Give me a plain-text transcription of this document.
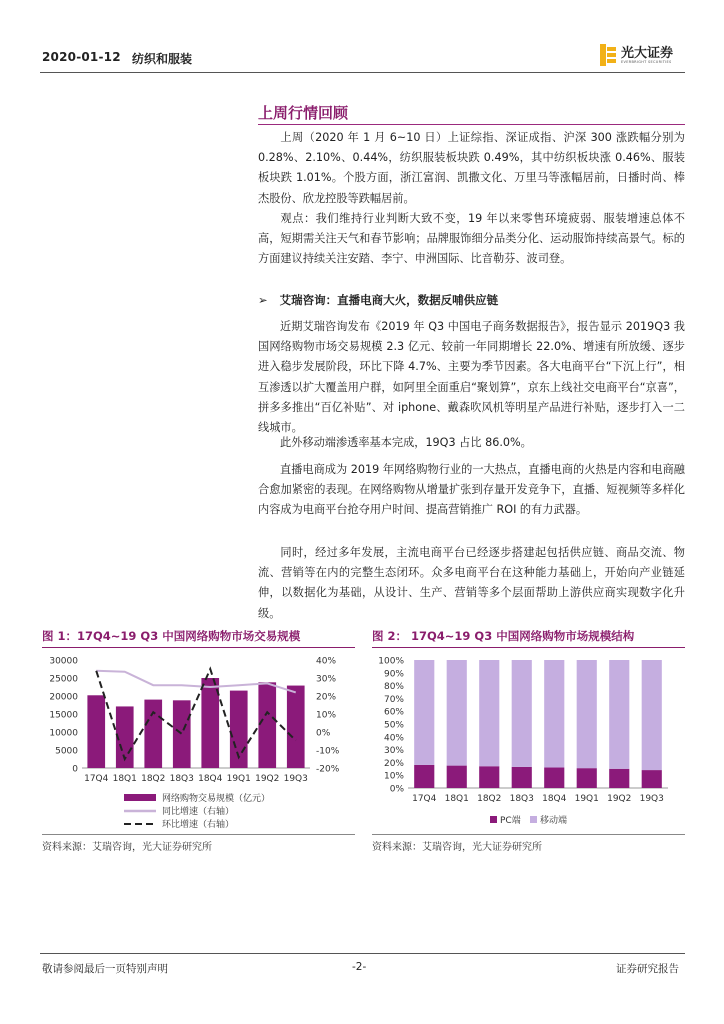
2020-01-12 纺织和服装	光大证券
EVERBRIGHT SECURITIES
上周行情回顾
上周（2020 年 1 月 6~10 日）上证综指、深证成指、沪深 300 涨跌幅分别为 0.28%、2.10%、0.44%，纺织服装板块跌 0.49%，其中纺织板块涨 0.46%、服装板块跌 1.01%。个股方面，浙江富润、凯撒文化、万里马等涨幅居前，日播时尚、棒杰股份、欣龙控股等跌幅居前。
观点：我们维持行业判断大致不变，19 年以来零售环境疲弱、服装增速总体不高，短期需关注天气和春节影响；品牌服饰细分品类分化、运动服饰持续高景气。标的方面建议持续关注安踏、李宁、申洲国际、比音勒芬、波司登。
➢ 艾瑞咨询：直播电商大火，数据反哺供应链
近期艾瑞咨询发布《2019 年 Q3 中国电子商务数据报告》，报告显示 2019Q3 我国网络购物市场交易规模 2.3 亿元、较前一年同期增长 22.0%、增速有所放缓、逐步进入稳步发展阶段，环比下降 4.7%、主要为季节因素。各大电商平台“下沉上行”，相互渗透以扩大覆盖用户群，如阿里全面重启“聚划算”，京东上线社交电商平台“京喜”，拼多多推出“百亿补贴”、对 iphone、戴森吹风机等明星产品进行补贴，逐步打入一二线城市。
此外移动端渗透率基本完成，19Q3 占比 86.0%。
直播电商成为 2019 年网络购物行业的一大热点，直播电商的火热是内容和电商融合愈加紧密的表现。在网络购物从增量扩张到存量开发竞争下，直播、短视频等多样化内容成为电商平台抢夺用户时间、提高营销推广 ROI 的有力武器。
同时，经过多年发展，主流电商平台已经逐步搭建起包括供应链、商品交流、物流、营销等在内的完整生态闭环。众多电商平台在这种能力基础上，开始向产业链延伸，以数据化为基础，从设计、生产、营销等多个层面帮助上游供应商实现数字化升级。
图 1：17Q4~19 Q3 中国网络购物市场交易规模
30000
25000
20000
15000
10000
5000
0
40%
30%
20%
10%
0%
-10%
-20%
17Q4 18Q1 18Q2 18Q3 18Q4 19Q1 19Q2 19Q3
网络购物交易规模（亿元）
同比增速（右轴）
环比增速（右轴）
资料来源：艾瑞咨询，光大证券研究所
图 2： 17Q4~19 Q3 中国网络购物市场规模结构
100%
90%
80%
70%
60%
50%
40%
30%
20%
10%
0%
17Q4 18Q1 18Q2 18Q3 18Q4 19Q1 19Q2 19Q3
PC端 移动端
资料来源：艾瑞咨询，光大证券研究所
敬请参阅最后一页特别声明	-2-	证券研究报告
